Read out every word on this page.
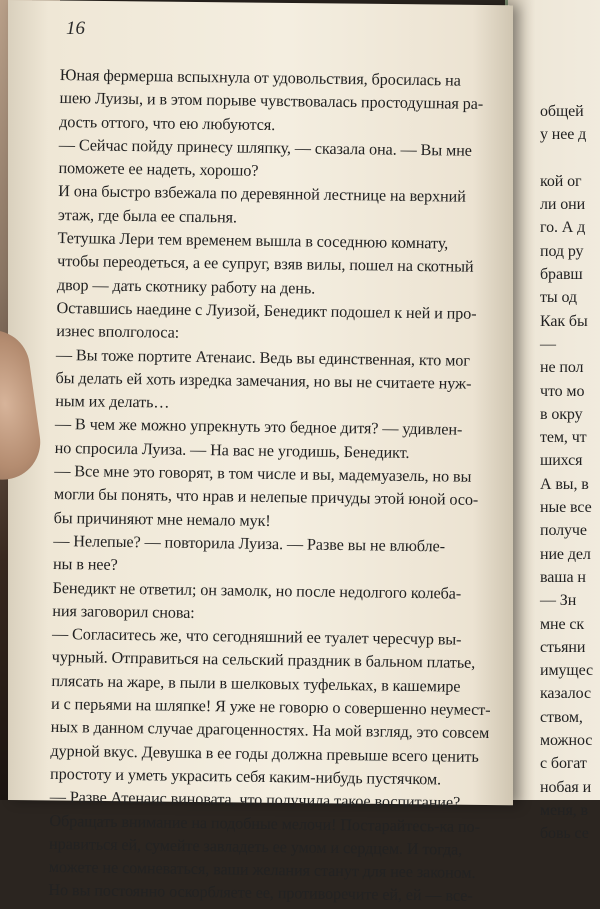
16
Юная фермерша вспыхнула от удовольствия, бросилась на
шею Луизы, и в этом порыве чувствовалась простодушная ра-
дость оттого, что ею любуются.
— Сейчас пойду принесу шляпку, — сказала она. — Вы мне
поможете ее надеть, хорошо?
И она быстро взбежала по деревянной лестнице на верхний
этаж, где была ее спальня.
Тетушка Лери тем временем вышла в соседнюю комнату,
чтобы переодеться, а ее супруг, взяв вилы, пошел на скотный
двор — дать скотнику работу на день.
Оставшись наедине с Луизой, Бенедикт подошел к ней и про-
изнес вполголоса:
— Вы тоже портите Атенаис. Ведь вы единственная, кто мог
бы делать ей хоть изредка замечания, но вы не считаете нуж-
ным их делать…
— В чем же можно упрекнуть это бедное дитя? — удивлен-
но спросила Луиза. — На вас не угодишь, Бенедикт.
— Все мне это говорят, в том числе и вы, мадемуазель, но вы
могли бы понять, что нрав и нелепые причуды этой юной осо-
бы причиняют мне немало мук!
— Нелепые? — повторила Луиза. — Разве вы не влюблe-
ны в нее?
Бенедикт не ответил; он замолк, но после недолгого колеба-
ния заговорил снова:
— Согласитесь же, что сегодняшний ее туалет чересчур вы-
чурный. Отправиться на сельский праздник в бальном платье,
плясать на жаре, в пыли в шелковых туфельках, в кашемире
и с перьями на шляпке! Я уже не говорю о совершенно неумест-
ных в данном случае драгоценностях. На мой взгляд, это совсем
дурной вкус. Девушка в ее годы должна превыше всего ценить
простоту и уметь украсить себя каким-нибудь пустячком.
— Разве Атенаис виновата, что получила такое воспитание?
Обращать внимание на подобные мелочи! Постарайтесь-ка по-
нравиться ей, сумейте завладеть ее умом и сердцем. И тогда,
можете не сомневаться, ваши желания станут для нее законом.
Но вы постоянно оскорбляете ее, противоречите ей, ей — все-
общей
у нее д
кой ог
ли они
го. А д
под ру
бравш
ты од
Как бы
—
не пол
что мо
в окру
тем, чт
шихся
А вы, в
ные все
получе
ние дел
ваша н
— Зн
мне ск
стьяни
имущес
казалос
ством,
можнос
с богат
нобая и
меня, в
бовь се
